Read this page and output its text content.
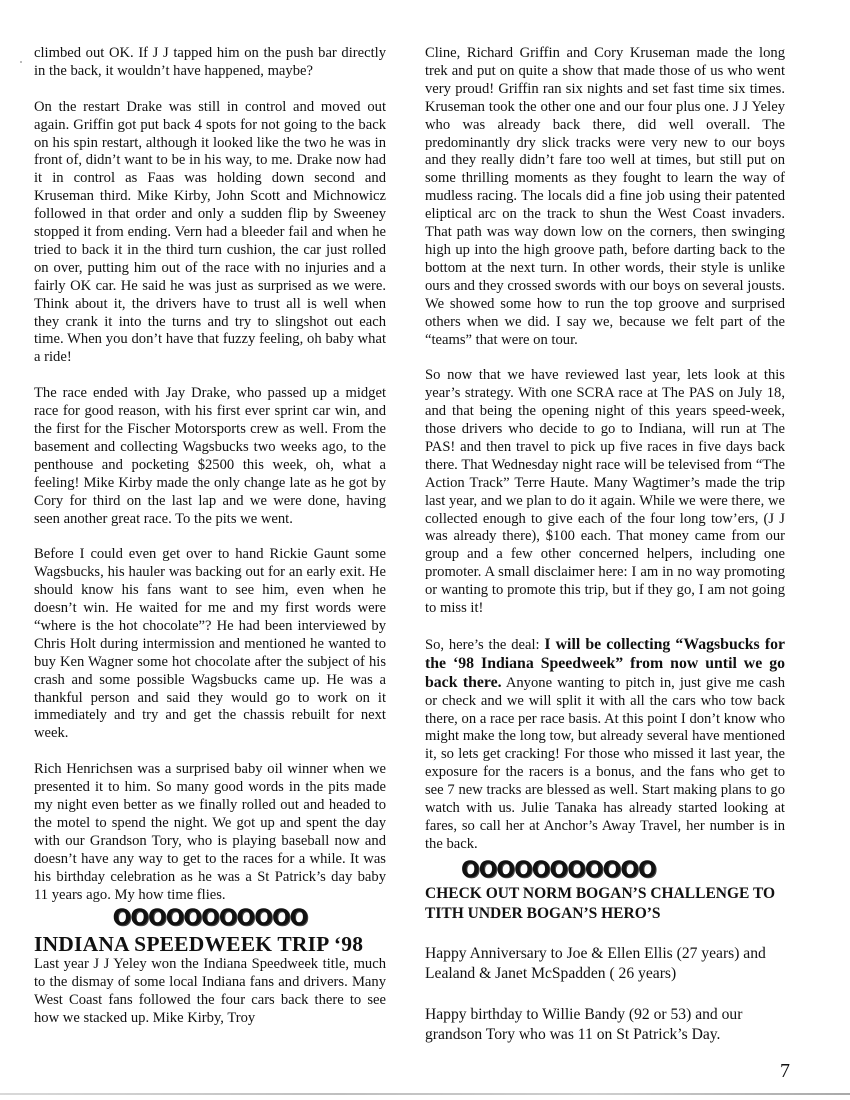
climbed out OK. If J J tapped him on the push bar directly in the back, it wouldn’t have happened, maybe?

On the restart Drake was still in control and moved out again. Griffin got put back 4 spots for not going to the back on his spin restart, although it looked like the two he was in front of, didn’t want to be in his way, to me. Drake now had it in control as Faas was holding down second and Kruseman third. Mike Kirby, John Scott and Michnowicz followed in that order and only a sudden flip by Sweeney stopped it from ending. Vern had a bleeder fail and when he tried to back it in the third turn cushion, the car just rolled on over, putting him out of the race with no injuries and a fairly OK car. He said he was just as surprised as we were. Think about it, the drivers have to trust all is well when they crank it into the turns and try to slingshot out each time. When you don’t have that fuzzy feeling, oh baby what a ride!

The race ended with Jay Drake, who passed up a midget race for good reason, with his first ever sprint car win, and the first for the Fischer Motorsports crew as well. From the basement and collecting Wagsbucks two weeks ago, to the penthouse and pocketing $2500 this week, oh, what a feeling! Mike Kirby made the only change late as he got by Cory for third on the last lap and we were done, having seen another great race. To the pits we went.

Before I could even get over to hand Rickie Gaunt some Wagsbucks, his hauler was backing out for an early exit. He should know his fans want to see him, even when he doesn’t win. He waited for me and my first words were “where is the hot chocolate”? He had been interviewed by Chris Holt during intermission and mentioned he wanted to buy Ken Wagner some hot chocolate after the subject of his crash and some possible Wagsbucks came up. He was a thankful person and said they would go to work on it immediately and try and get the chassis rebuilt for next week.

Rich Henrichsen was a surprised baby oil winner when we presented it to him. So many good words in the pits made my night even better as we finally rolled out and headed to the motel to spend the night. We got up and spent the day with our Grandson Tory, who is playing baseball now and doesn’t have any way to get to the races for a while. It was his birthday celebration as he was a St Patrick’s day baby 11 years ago. My how time flies.

OOOOOOOOOOO
INDIANA SPEEDWEEK TRIP ‘98

Last year J J Yeley won the Indiana Speedweek title, much to the dismay of some local Indiana fans and drivers. Many West Coast fans followed the four cars back there to see how we stacked up. Mike Kirby, Troy

Cline, Richard Griffin and Cory Kruseman made the long trek and put on quite a show that made those of us who went very proud! Griffin ran six nights and set fast time six times. Kruseman took the other one and our four plus one. J J Yeley who was already back there, did well overall. The predominantly dry slick tracks were very new to our boys and they really didn’t fare too well at times, but still put on some thrilling moments as they fought to learn the way of mudless racing. The locals did a fine job using their patented eliptical arc on the track to shun the West Coast invaders. That path was way down low on the corners, then swinging high up into the high groove path, before darting back to the bottom at the next turn. In other words, their style is unlike ours and they crossed swords with our boys on several jousts. We showed some how to run the top groove and surprised others when we did. I say we, because we felt part of the “teams” that were on tour.

So now that we have reviewed last year, lets look at this year’s strategy. With one SCRA race at The PAS on July 18, and that being the opening night of this years speed-week, those drivers who decide to go to Indiana, will run at The PAS! and then travel to pick up five races in five days back there. That Wednesday night race will be televised from “The Action Track” Terre Haute. Many Wagtimer’s made the trip last year, and we plan to do it again. While we were there, we collected enough to give each of the four long tow’ers, (J J was already there), $100 each. That money came from our group and a few other concerned helpers, including one promoter. A small disclaimer here: I am in no way promoting or wanting to promote this trip, but if they go, I am not going to miss it!

So, here’s the deal: I will be collecting “Wagsbucks for the ‘98 Indiana Speedweek” from now until we go back there. Anyone wanting to pitch in, just give me cash or check and we will split it with all the cars who tow back there, on a race per race basis. At this point I don’t know who might make the long tow, but already several have mentioned it, so lets get cracking! For those who missed it last year, the exposure for the racers is a bonus, and the fans who get to see 7 new tracks are blessed as well. Start making plans to go watch with us. Julie Tanaka has already started looking at fares, so call her at Anchor’s Away Travel, her number is in the back.

OOOOOOOOOOO
CHECK OUT NORM BOGAN’S CHALLENGE TO TITH UNDER BOGAN’S HERO’S

Happy Anniversary to Joe & Ellen Ellis (27 years) and Lealand & Janet McSpadden ( 26 years)

Happy birthday to Willie Bandy (92 or 53) and our grandson Tory who was 11 on St Patrick’s Day.

7
